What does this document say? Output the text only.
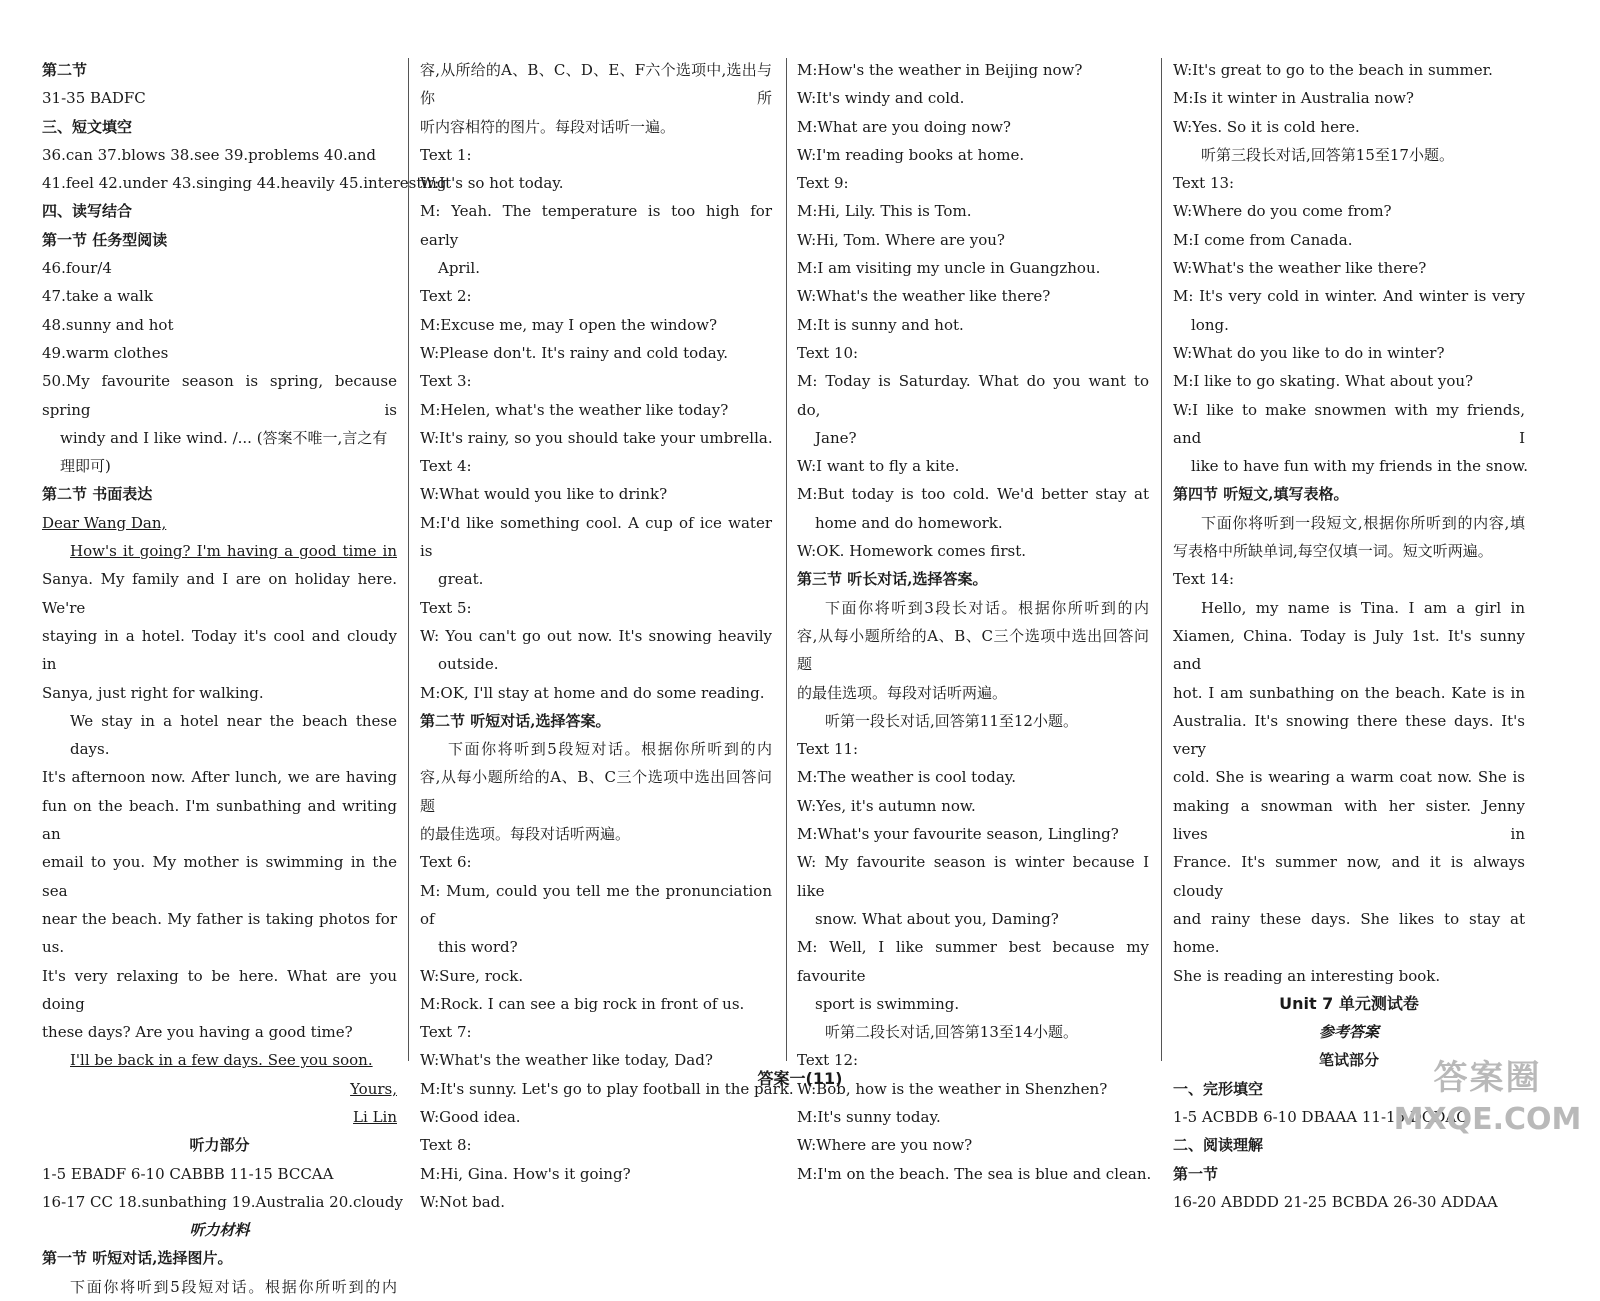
第二节
31-35 BADFC
三、短文填空
36.can 37.blows 38.see 39.problems 40.and
41.feel 42.under 43.singing 44.heavily 45.interesting
四、读写结合
第一节 任务型阅读
46.four/4
47.take a walk
48.sunny and hot
49.warm clothes
50.My favourite season is spring, because spring is
windy and I like wind. /... (答案不唯一,言之有
理即可)
第二节 书面表达
Dear Wang Dan,
How's it going? I'm having a good time in
Sanya. My family and I are on holiday here. We're
staying in a hotel. Today it's cool and cloudy in
Sanya, just right for walking.
We stay in a hotel near the beach these days.
It's afternoon now. After lunch, we are having
fun on the beach. I'm sunbathing and writing an
email to you. My mother is swimming in the sea
near the beach. My father is taking photos for us.
It's very relaxing to be here. What are you doing
these days? Are you having a good time?
I'll be back in a few days. See you soon.
Yours,
Li Lin
听力部分
1-5 EBADF 6-10 CABBB 11-15 BCCAA
16-17 CC 18.sunbathing 19.Australia 20.cloudy
听力材料
第一节 听短对话,选择图片。
下面你将听到5段短对话。根据你所听到的内
容,从所给的A、B、C、D、E、F六个选项中,选出与你所
听内容相符的图片。每段对话听一遍。
Text 1:
W:It's so hot today.
M: Yeah. The temperature is too high for early
April.
Text 2:
M:Excuse me, may I open the window?
W:Please don't. It's rainy and cold today.
Text 3:
M:Helen, what's the weather like today?
W:It's rainy, so you should take your umbrella.
Text 4:
W:What would you like to drink?
M:I'd like something cool. A cup of ice water is
great.
Text 5:
W: You can't go out now. It's snowing heavily
outside.
M:OK, I'll stay at home and do some reading.
第二节 听短对话,选择答案。
下面你将听到5段短对话。根据你所听到的内
容,从每小题所给的A、B、C三个选项中选出回答问题
的最佳选项。每段对话听两遍。
Text 6:
M: Mum, could you tell me the pronunciation of
this word?
W:Sure, rock.
M:Rock. I can see a big rock in front of us.
Text 7:
W:What's the weather like today, Dad?
M:It's sunny. Let's go to play football in the park.
W:Good idea.
Text 8:
M:Hi, Gina. How's it going?
W:Not bad.
M:How's the weather in Beijing now?
W:It's windy and cold.
M:What are you doing now?
W:I'm reading books at home.
Text 9:
M:Hi, Lily. This is Tom.
W:Hi, Tom. Where are you?
M:I am visiting my uncle in Guangzhou.
W:What's the weather like there?
M:It is sunny and hot.
Text 10:
M: Today is Saturday. What do you want to do,
Jane?
W:I want to fly a kite.
M:But today is too cold. We'd better stay at
home and do homework.
W:OK. Homework comes first.
第三节 听长对话,选择答案。
下面你将听到3段长对话。根据你所听到的内
容,从每小题所给的A、B、C三个选项中选出回答问题
的最佳选项。每段对话听两遍。
听第一段长对话,回答第11至12小题。
Text 11:
M:The weather is cool today.
W:Yes, it's autumn now.
M:What's your favourite season, Lingling?
W: My favourite season is winter because I like
snow. What about you, Daming?
M: Well, I like summer best because my favourite
sport is swimming.
听第二段长对话,回答第13至14小题。
Text 12:
W:Bob, how is the weather in Shenzhen?
M:It's sunny today.
W:Where are you now?
M:I'm on the beach. The sea is blue and clean.
W:It's great to go to the beach in summer.
M:Is it winter in Australia now?
W:Yes. So it is cold here.
听第三段长对话,回答第15至17小题。
Text 13:
W:Where do you come from?
M:I come from Canada.
W:What's the weather like there?
M: It's very cold in winter. And winter is very
long.
W:What do you like to do in winter?
M:I like to go skating. What about you?
W:I like to make snowmen with my friends, and I
like to have fun with my friends in the snow.
第四节 听短文,填写表格。
下面你将听到一段短文,根据你所听到的内容,填
写表格中所缺单词,每空仅填一词。短文听两遍。
Text 14:
Hello, my name is Tina. I am a girl in
Xiamen, China. Today is July 1st. It's sunny and
hot. I am sunbathing on the beach. Kate is in
Australia. It's snowing there these days. It's very
cold. She is wearing a warm coat now. She is
making a snowman with her sister. Jenny lives in
France. It's summer now, and it is always cloudy
and rainy these days. She likes to stay at home.
She is reading an interesting book.
Unit 7 单元测试卷
参考答案
笔试部分
一、完形填空
1-5 ACBDB 6-10 DBAAA 11-15 DCDAC
二、阅读理解
第一节
16-20 ABDDD 21-25 BCBDA 26-30 ADDAA
答案一(11)	答案圈
MXQE.COM
